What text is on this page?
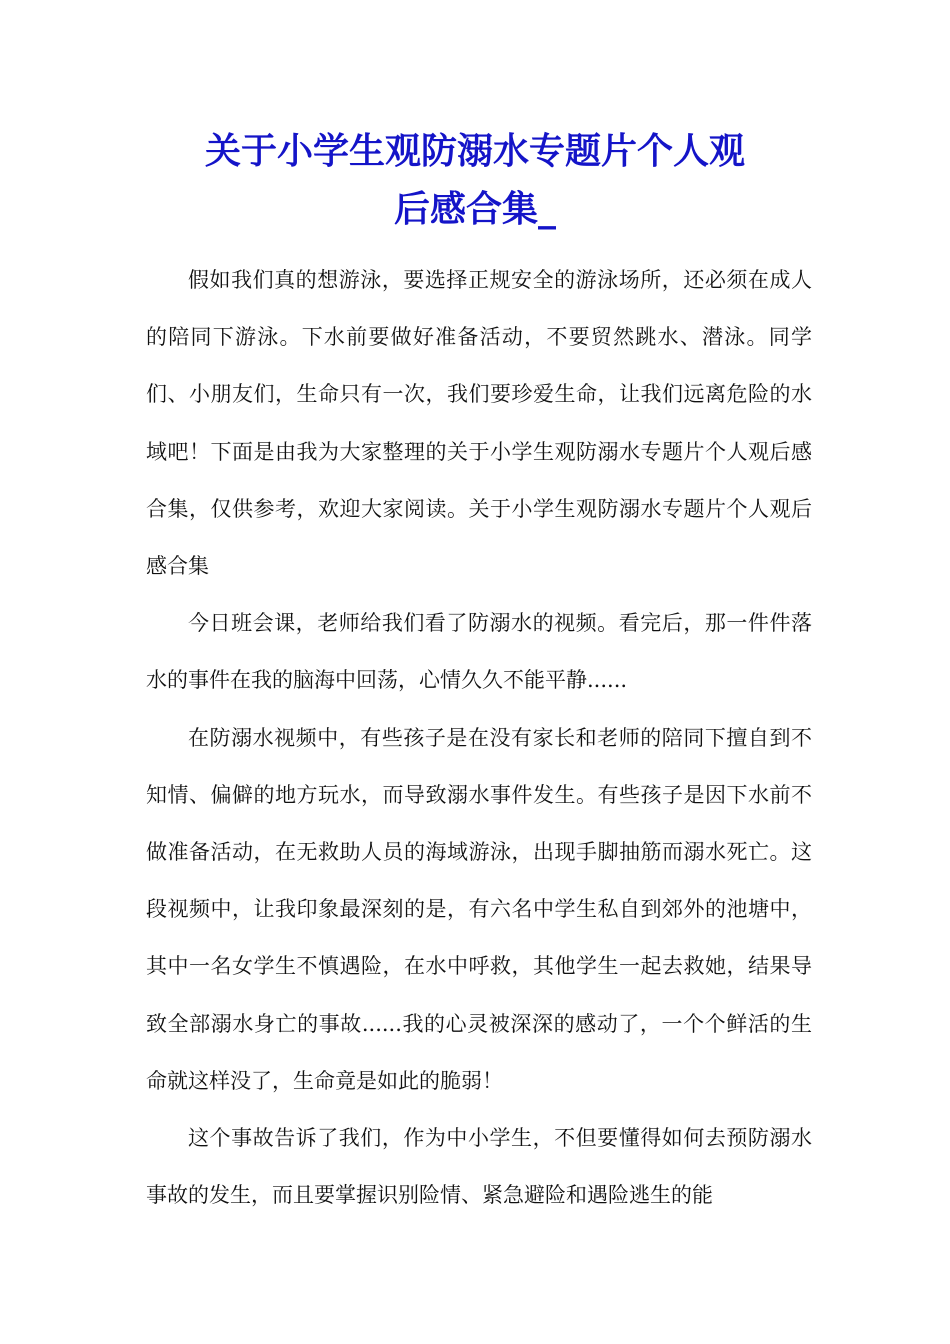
关于小学生观防溺水专题片个人观
后感合集_

假如我们真的想游泳，要选择正规安全的游泳场所，还必须在成人的陪同下游泳。下水前要做好准备活动，不要贸然跳水、潜泳。同学们、小朋友们，生命只有一次，我们要珍爱生命，让我们远离危险的水域吧！下面是由我为大家整理的关于小学生观防溺水专题片个人观后感合集，仅供参考，欢迎大家阅读。关于小学生观防溺水专题片个人观后感合集

今日班会课，老师给我们看了防溺水的视频。看完后，那一件件落水的事件在我的脑海中回荡，心情久久不能平静......

在防溺水视频中，有些孩子是在没有家长和老师的陪同下擅自到不知情、偏僻的地方玩水，而导致溺水事件发生。有些孩子是因下水前不做准备活动，在无救助人员的海域游泳，出现手脚抽筋而溺水死亡。这段视频中，让我印象最深刻的是，有六名中学生私自到郊外的池塘中，其中一名女学生不慎遇险，在水中呼救，其他学生一起去救她，结果导致全部溺水身亡的事故......我的心灵被深深的感动了，一个个鲜活的生命就这样没了，生命竟是如此的脆弱！

这个事故告诉了我们，作为中小学生，不但要懂得如何去预防溺水事故的发生，而且要掌握识别险情、紧急避险和遇险逃生的能
